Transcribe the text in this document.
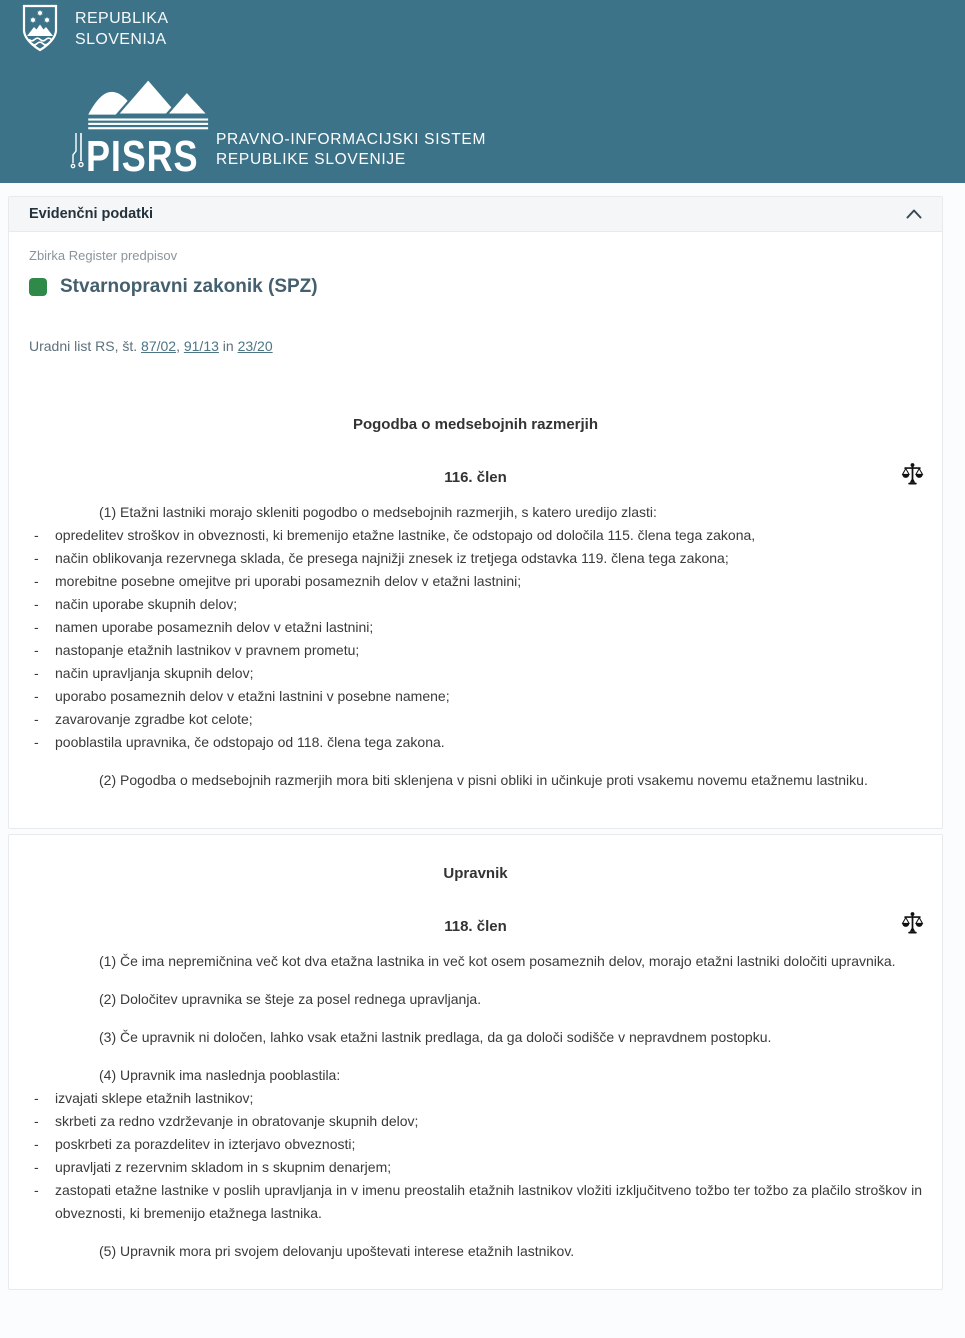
REPUBLIKA
SLOVENIJA
PISRS PRAVNO-INFORMACIJSKI SISTEM
REPUBLIKE SLOVENIJE
Evidenčni podatki
Zbirka Register predpisov
Stvarnopravni zakonik (SPZ)
Uradni list RS, št. 87/02, 91/13 in 23/20
Pogodba o medsebojnih razmerjih
116. člen

(1) Etažni lastniki morajo skleniti pogodbo o medsebojnih razmerjih, s katero uredijo zlasti:

-	opredelitev stroškov in obveznosti, ki bremenijo etažne lastnike, če odstopajo od določila 115. člena tega zakona,
-	način oblikovanja rezervnega sklada, če presega najnižji znesek iz tretjega odstavka 119. člena tega zakona;
-	morebitne posebne omejitve pri uporabi posameznih delov v etažni lastnini;
-	način uporabe skupnih delov;
-	namen uporabe posameznih delov v etažni lastnini;
-	nastopanje etažnih lastnikov v pravnem prometu;
-	način upravljanja skupnih delov;
-	uporabo posameznih delov v etažni lastnini v posebne namene;
-	zavarovanje zgradbe kot celote;
-	pooblastila upravnika, če odstopajo od 118. člena tega zakona.

(2) Pogodba o medsebojnih razmerjih mora biti sklenjena v pisni obliki in učinkuje proti vsakemu novemu etažnemu lastniku.

Upravnik
118. člen

(1) Če ima nepremičnina več kot dva etažna lastnika in več kot osem posameznih delov, morajo etažni lastniki določiti upravnika.

(2) Določitev upravnika se šteje za posel rednega upravljanja.

(3) Če upravnik ni določen, lahko vsak etažni lastnik predlaga, da ga določi sodišče v nepravdnem postopku.

(4) Upravnik ima naslednja pooblastila:

-	izvajati sklepe etažnih lastnikov;
-	skrbeti za redno vzdrževanje in obratovanje skupnih delov;
-	poskrbeti za porazdelitev in izterjavo obveznosti;
-	upravljati z rezervnim skladom in s skupnim denarjem;
-	zastopati etažne lastnike v poslih upravljanja in v imenu preostalih etažnih lastnikov vložiti izključitveno tožbo ter tožbo za plačilo stroškov in obveznosti, ki bremenijo etažnega lastnika.

(5) Upravnik mora pri svojem delovanju upoštevati interese etažnih lastnikov.
